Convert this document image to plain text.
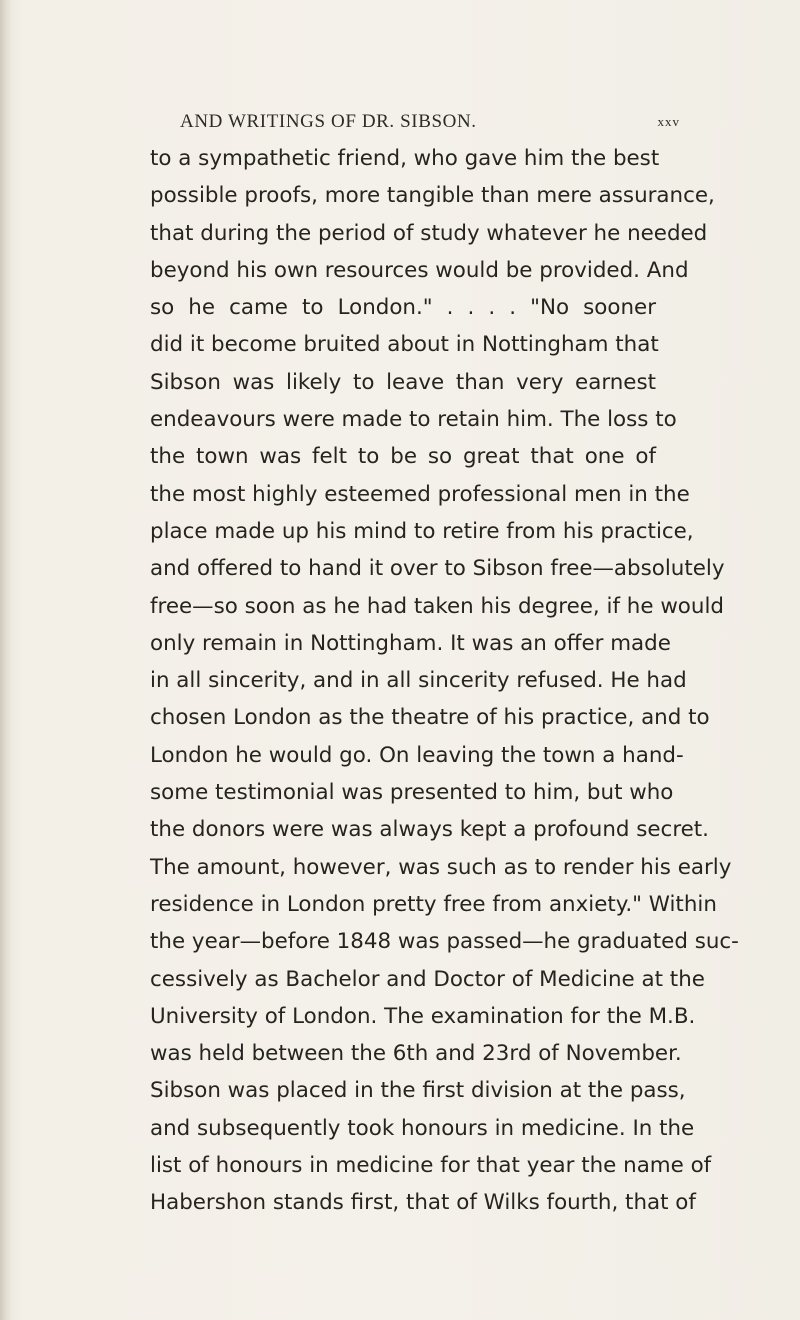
AND WRITINGS OF DR. SIBSON.	xxv
to a sympathetic friend, who gave him the best
possible proofs, more tangible than mere assurance,
that during the period of study whatever he needed
beyond his own resources would be provided. And
so he came to London." . . . . "No sooner
did it become bruited about in Nottingham that
Sibson was likely to leave than very earnest
endeavours were made to retain him. The loss to
the town was felt to be so great that one of
the most highly esteemed professional men in the
place made up his mind to retire from his practice,
and offered to hand it over to Sibson free—absolutely
free—so soon as he had taken his degree, if he would
only remain in Nottingham. It was an offer made
in all sincerity, and in all sincerity refused. He had
chosen London as the theatre of his practice, and to
London he would go. On leaving the town a hand-
some testimonial was presented to him, but who
the donors were was always kept a profound secret.
The amount, however, was such as to render his early
residence in London pretty free from anxiety." Within
the year—before 1848 was passed—he graduated suc-
cessively as Bachelor and Doctor of Medicine at the
University of London. The examination for the M.B.
was held between the 6th and 23rd of November.
Sibson was placed in the first division at the pass,
and subsequently took honours in medicine. In the
list of honours in medicine for that year the name of
Habershon stands first, that of Wilks fourth, that of
